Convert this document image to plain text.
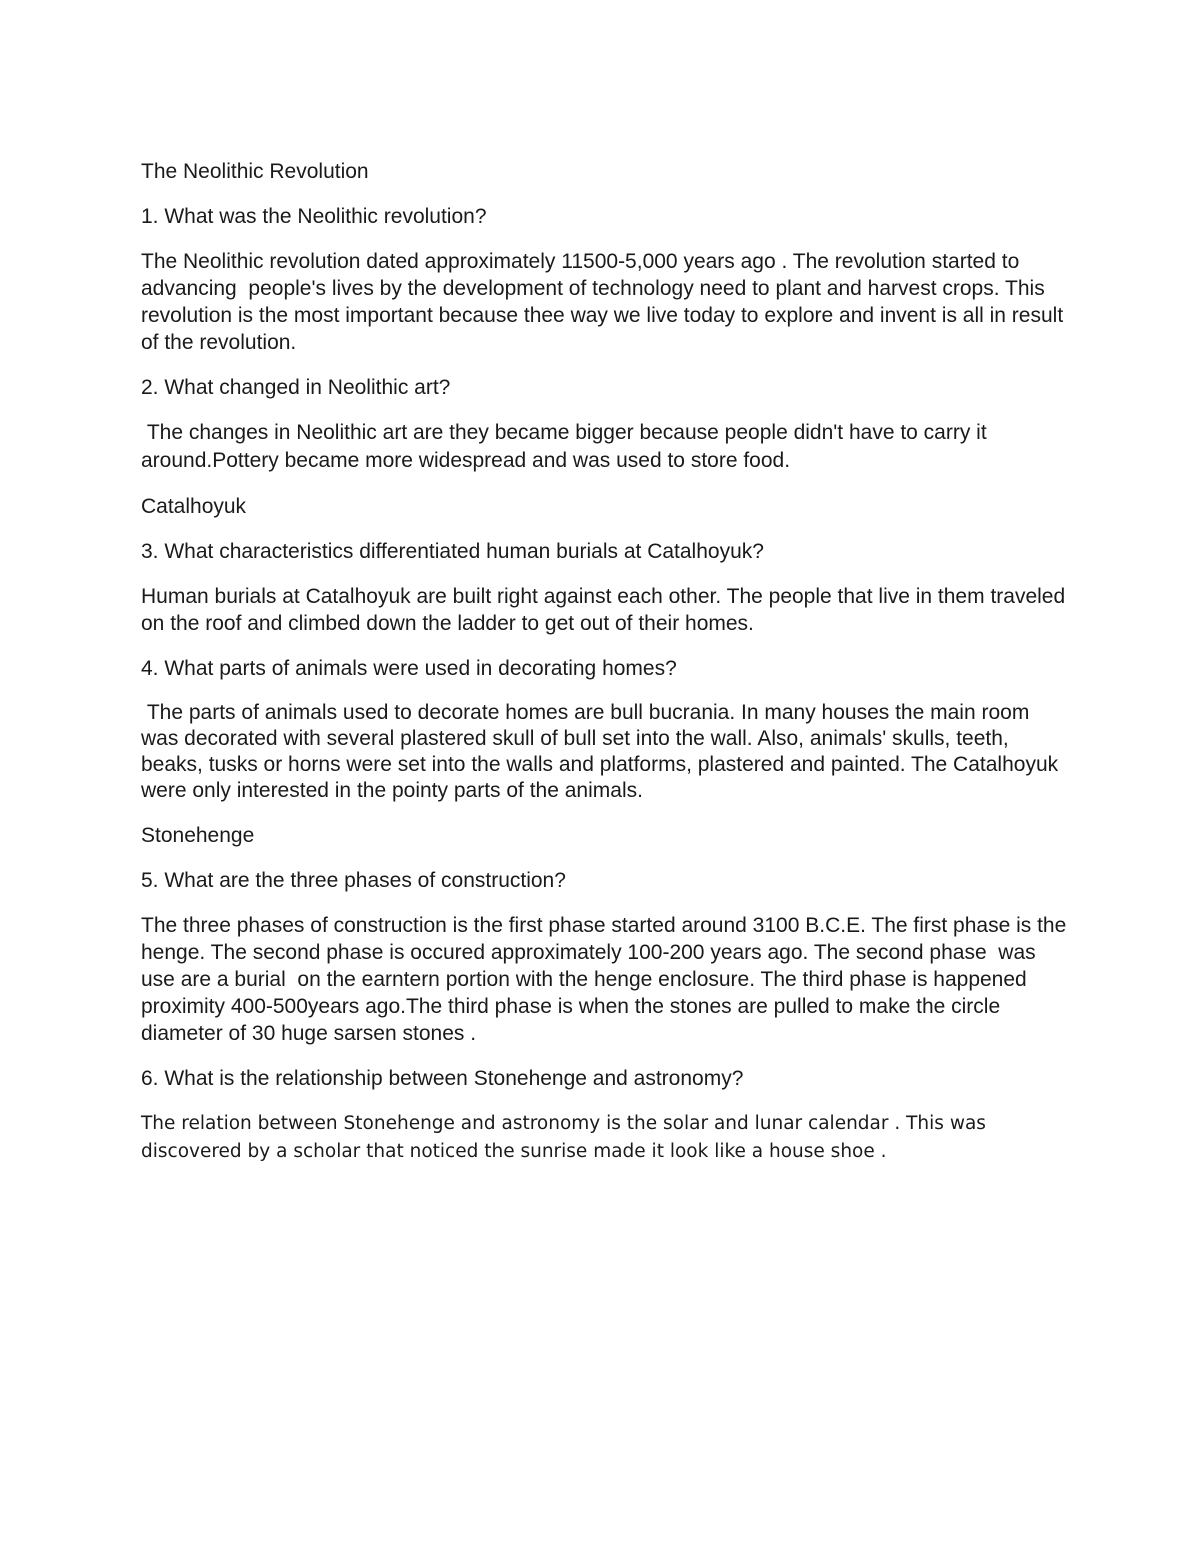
The Neolithic Revolution

1. What was the Neolithic revolution?

The Neolithic revolution dated approximately 11500-5,000 years ago . The revolution started to advancing  people's lives by the development of technology need to plant and harvest crops. This revolution is the most important because thee way we live today to explore and invent is all in result of the revolution.

2. What changed in Neolithic art?

The changes in Neolithic art are they became bigger because people didn't have to carry it around.Pottery became more widespread and was used to store food.

Catalhoyuk

3. What characteristics differentiated human burials at Catalhoyuk?

Human burials at Catalhoyuk are built right against each other. The people that live in them traveled on the roof and climbed down the ladder to get out of their homes.

4. What parts of animals were used in decorating homes?

The parts of animals used to decorate homes are bull bucrania. In many houses the main room was decorated with several plastered skull of bull set into the wall. Also, animals' skulls, teeth, beaks, tusks or horns were set into the walls and platforms, plastered and painted. The Catalhoyuk were only interested in the pointy parts of the animals.

Stonehenge

5. What are the three phases of construction?

The three phases of construction is the first phase started around 3100 B.C.E. The first phase is the henge. The second phase is occured approximately 100-200 years ago. The second phase  was use are a burial  on the earntern portion with the henge enclosure. The third phase is happened proximity 400-500years ago.The third phase is when the stones are pulled to make the circle diameter of 30 huge sarsen stones .

6. What is the relationship between Stonehenge and astronomy?

The relation between Stonehenge and astronomy is the solar and lunar calendar . This was discovered by a scholar that noticed the sunrise made it look like a house shoe .
